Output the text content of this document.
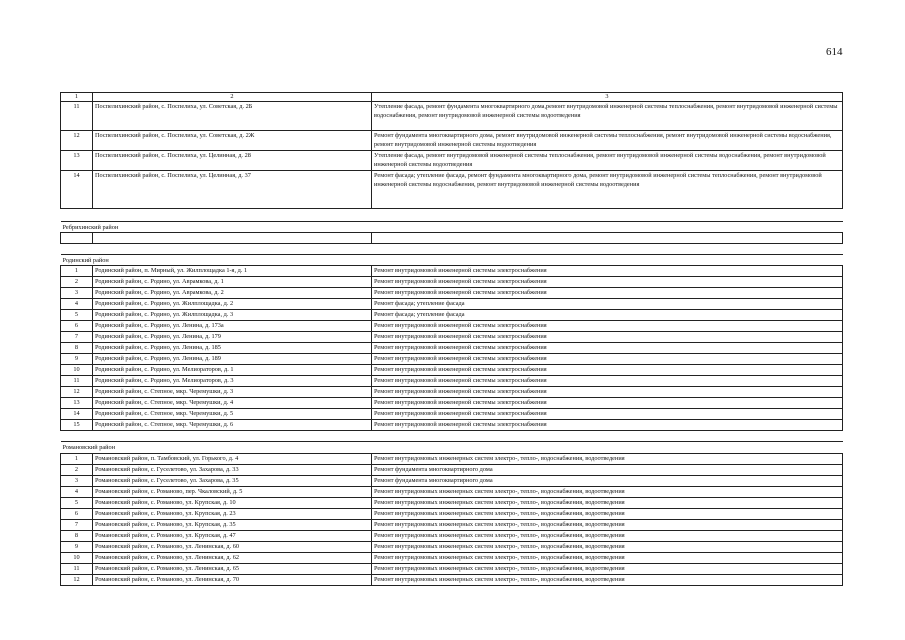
614
1	2	3
11	Поспелихинский район, с. Поспелиха, ул. Советская, д. 2Б	Утепление фасада, ремонт фундамента многоквартирного дома,ремонт внутридомовой инженерной системы теплоснабжения, ремонт внутридомовой инженерной системы водоснабжения, ремонт внутридомовой инженерной системы водоотведения
12	Поспелихинский район, с. Поспелиха, ул. Советская, д. 2Ж	Ремонт фундамента многоквартирного дома, ремонт внутридомовой инженерной системы теплоснабжения, ремонт внутридомовой инженерной системы водоснабжения, ремонт внутридомовой инженерной системы водоотведения
13	Поспелихинский район, с. Поспелиха, ул. Целинная, д. 28	Утепление фасада, ремонт внутридомовой инженерной системы теплоснабжения, ремонт внутридомовой инженерной системы водоснабжения, ремонт внутридомовой инженерной системы водоотведения
14	Поспелихинский район, с. Поспелиха, ул. Целинная, д. 37	Ремонт фасада; утепление фасада, ремонт фундамента многоквартирного дома, ремонт внутридомовой инженерной системы теплоснабжения, ремонт внутридомовой инженерной системы водоснабжения, ремонт внутридомовой инженерной системы водоотведения

Ребрихинский район		

Родинский район		
1	Родинский район, п. Мирный, ул. Жилплощадка 1-я, д. 1	Ремонт внутридомовой инженерной системы электроснабжения
2	Родинский район, с. Родино, ул. Аврамкова, д. 1	Ремонт внутридомовой инженерной системы электроснабжения
3	Родинский район, с. Родино, ул. Аврамкова, д. 2	Ремонт внутридомовой инженерной системы электроснабжения
4	Родинский район, с. Родино, ул. Жилплощадка, д. 2	Ремонт фасада; утепление фасада
5	Родинский район, с. Родино, ул. Жилплощадка, д. 3	Ремонт фасада; утепление фасада
6	Родинский район, с. Родино, ул. Ленина, д. 173а	Ремонт внутридомовой инженерной системы электроснабжения
7	Родинский район, с. Родино, ул. Ленина, д. 179	Ремонт внутридомовой инженерной системы электроснабжения
8	Родинский район, с. Родино, ул. Ленина, д. 185	Ремонт внутридомовой инженерной системы электроснабжения
9	Родинский район, с. Родино, ул. Ленина, д. 189	Ремонт внутридомовой инженерной системы электроснабжения
10	Родинский район, с. Родино, ул. Мелиораторов, д. 1	Ремонт внутридомовой инженерной системы электроснабжения
11	Родинский район, с. Родино, ул. Мелиораторов, д. 3	Ремонт внутридомовой инженерной системы электроснабжения
12	Родинский район, с. Степное, мкр. Черемушки, д. 3	Ремонт внутридомовой инженерной системы электроснабжения
13	Родинский район, с. Степное, мкр. Черемушки, д. 4	Ремонт внутридомовой инженерной системы электроснабжения
14	Родинский район, с. Степное, мкр. Черемушки, д. 5	Ремонт внутридомовой инженерной системы электроснабжения
15	Родинский район, с. Степное, мкр. Черемушки, д. 6	Ремонт внутридомовой инженерной системы электроснабжения

Романовский район		
1	Романовский район, п. Тамбовский, ул. Горького, д. 4	Ремонт внутридомовых инженерных систем электро-, тепло-, водоснабжения, водоотведения
2	Романовский район, с. Гуселетово, ул. Захарова, д. 33	Ремонт фундамента многоквартирного дома
3	Романовский район, с. Гуселетово, ул. Захарова, д. 35	Ремонт фундамента многоквартирного дома
4	Романовский район, с. Романово, пер. Чкаловский, д. 5	Ремонт внутридомовых инженерных систем электро-, тепло-, водоснабжения, водоотведения
5	Романовский район, с. Романово, ул. Крупская, д. 10	Ремонт внутридомовых инженерных систем электро-, тепло-, водоснабжения, водоотведения
6	Романовский район, с. Романово, ул. Крупская, д. 23	Ремонт внутридомовых инженерных систем электро-, тепло-, водоснабжения, водоотведения
7	Романовский район, с. Романово, ул. Крупская, д. 35	Ремонт внутридомовых инженерных систем электро-, тепло-, водоснабжения, водоотведения
8	Романовский район, с. Романово, ул. Крупская, д. 47	Ремонт внутридомовых инженерных систем электро-, тепло-, водоснабжения, водоотведения
9	Романовский район, с. Романово, ул. Ленинская, д. 60	Ремонт внутридомовых инженерных систем электро-, тепло-, водоснабжения, водоотведения
10	Романовский район, с. Романово, ул. Ленинская, д. 62	Ремонт внутридомовых инженерных систем электро-, тепло-, водоснабжения, водоотведения
11	Романовский район, с. Романово, ул. Ленинская, д. 65	Ремонт внутридомовых инженерных систем электро-, тепло-, водоснабжения, водоотведения
12	Романовский район, с. Романово, ул. Ленинская, д. 70	Ремонт внутридомовых инженерных систем электро-, тепло-, водоснабжения, водоотведения
